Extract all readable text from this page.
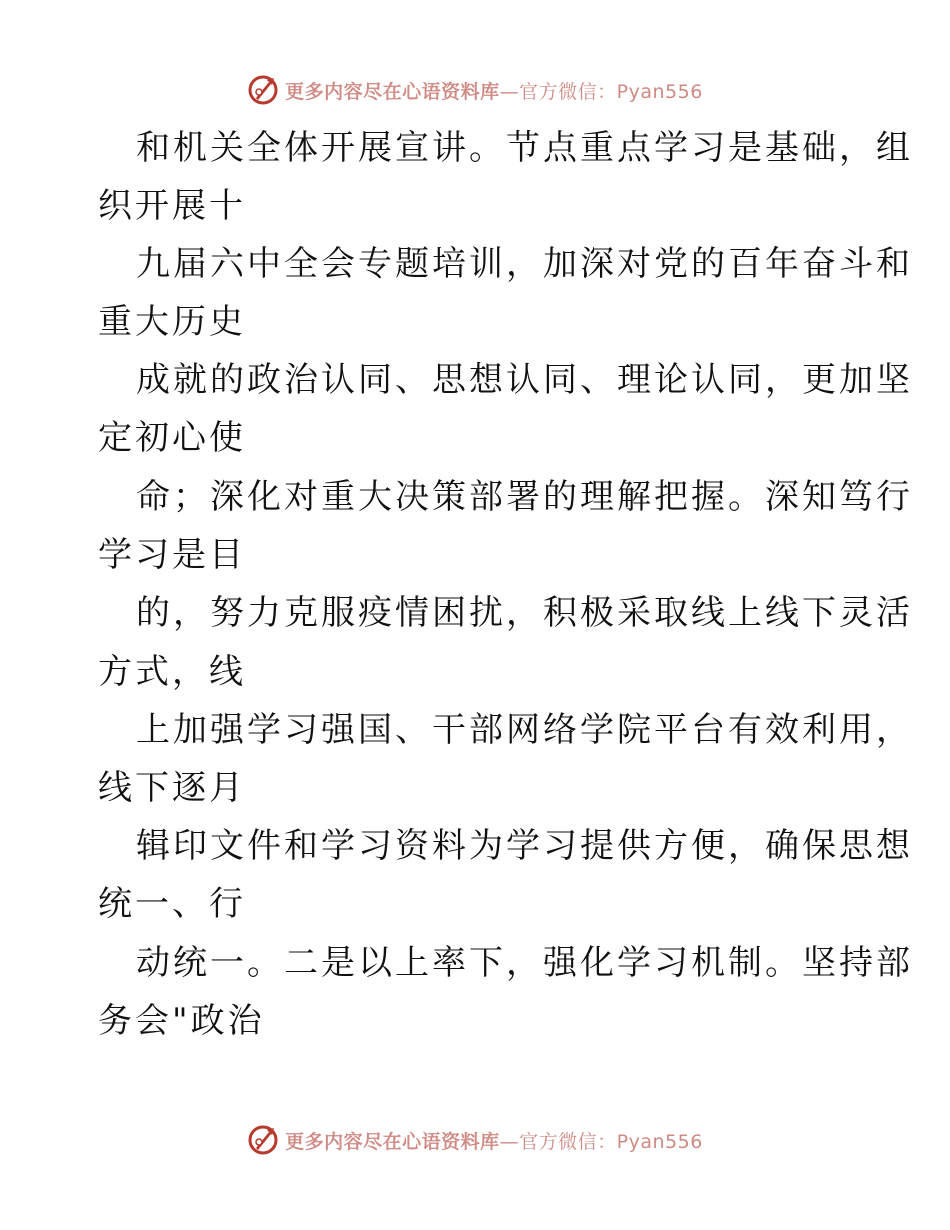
更多内容尽在心语资料库—官方微信：Pyan556
和机关全体开展宣讲。节点重点学习是基础，组
织开展十
九届六中全会专题培训，加深对党的百年奋斗和
重大历史
成就的政治认同、思想认同、理论认同，更加坚
定初心使
命；深化对重大决策部署的理解把握。深知笃行
学习是目
的，努力克服疫情困扰，积极采取线上线下灵活
方式，线
上加强学习强国、干部网络学院平台有效利用，
线下逐月
辑印文件和学习资料为学习提供方便，确保思想
统一、行
动统一。二是以上率下，强化学习机制。坚持部
务会"政治
更多内容尽在心语资料库—官方微信：Pyan556
